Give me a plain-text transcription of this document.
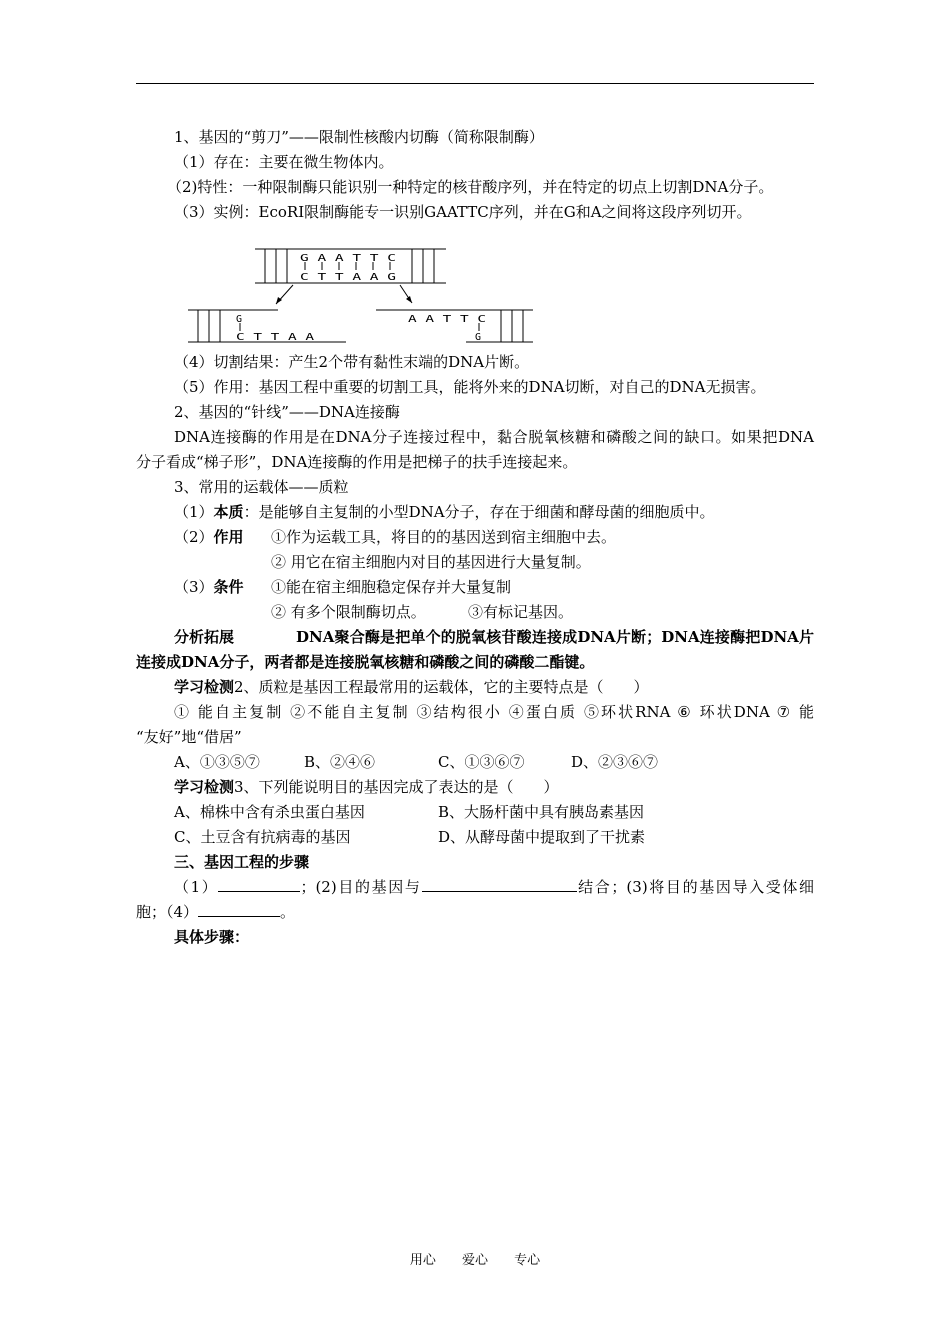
1、基因的“剪刀”——限制性核酸内切酶（简称限制酶）
（1）存在：主要在微生物体内。
（2)特性：一种限制酶只能识别一种特定的核苷酸序列，并在特定的切点上切割DNA分子。
（3）实例：EcoRI限制酶能专一识别GAATTC序列，并在G和A之间将这段序列切开。
G A A T T C
C T T A A G
G
C T T A A
A A T T C
G
（4）切割结果：产生2个带有黏性末端的DNA片断。
（5）作用：基因工程中重要的切割工具，能将外来的DNA切断，对自己的DNA无损害。
2、基因的“针线”——DNA连接酶
DNA连接酶的作用是在DNA分子连接过程中，黏合脱氧核糖和磷酸之间的缺口。如果把DNA
分子看成“梯子形”，DNA连接酶的作用是把梯子的扶手连接起来。
3、常用的运载体——质粒
（1）本质：是能够自主复制的小型DNA分子，存在于细菌和酵母菌的细胞质中。
（2）作用 ①作为运载工具，将目的的基因送到宿主细胞中去。
② 用它在宿主细胞内对目的基因进行大量复制。
（3）条件 ①能在宿主细胞稳定保存并大量复制
② 有多个限制酶切点。	③有标记基因。
分析拓展	DNA聚合酶是把单个的脱氧核苷酸连接成DNA片断；DNA连接酶把DNA片
连接成DNA分子，两者都是连接脱氧核糖和磷酸之间的磷酸二酯键。
学习检测2、质粒是基因工程最常用的运载体，它的主要特点是（　　）
① 能自主复制 ②不能自主复制 ③结构很小 ④蛋白质 ⑤环状RNA ⑥ 环状DNA ⑦ 能
“友好”地“借居”
A、①③⑤⑦	B、②④⑥	C、①③⑥⑦	D、②③⑥⑦
学习检测3、下列能说明目的基因完成了表达的是（　　）
A、棉株中含有杀虫蛋白基因	B、大肠杆菌中具有胰岛素基因
C、土豆含有抗病毒的基因	D、从酵母菌中提取到了干扰素
三、基因工程的步骤
（1）	；(2)目的基因与	结合；(3)将目的基因导入受体细
胞；（4）	。
具体步骤：
用心 爱心 专心
